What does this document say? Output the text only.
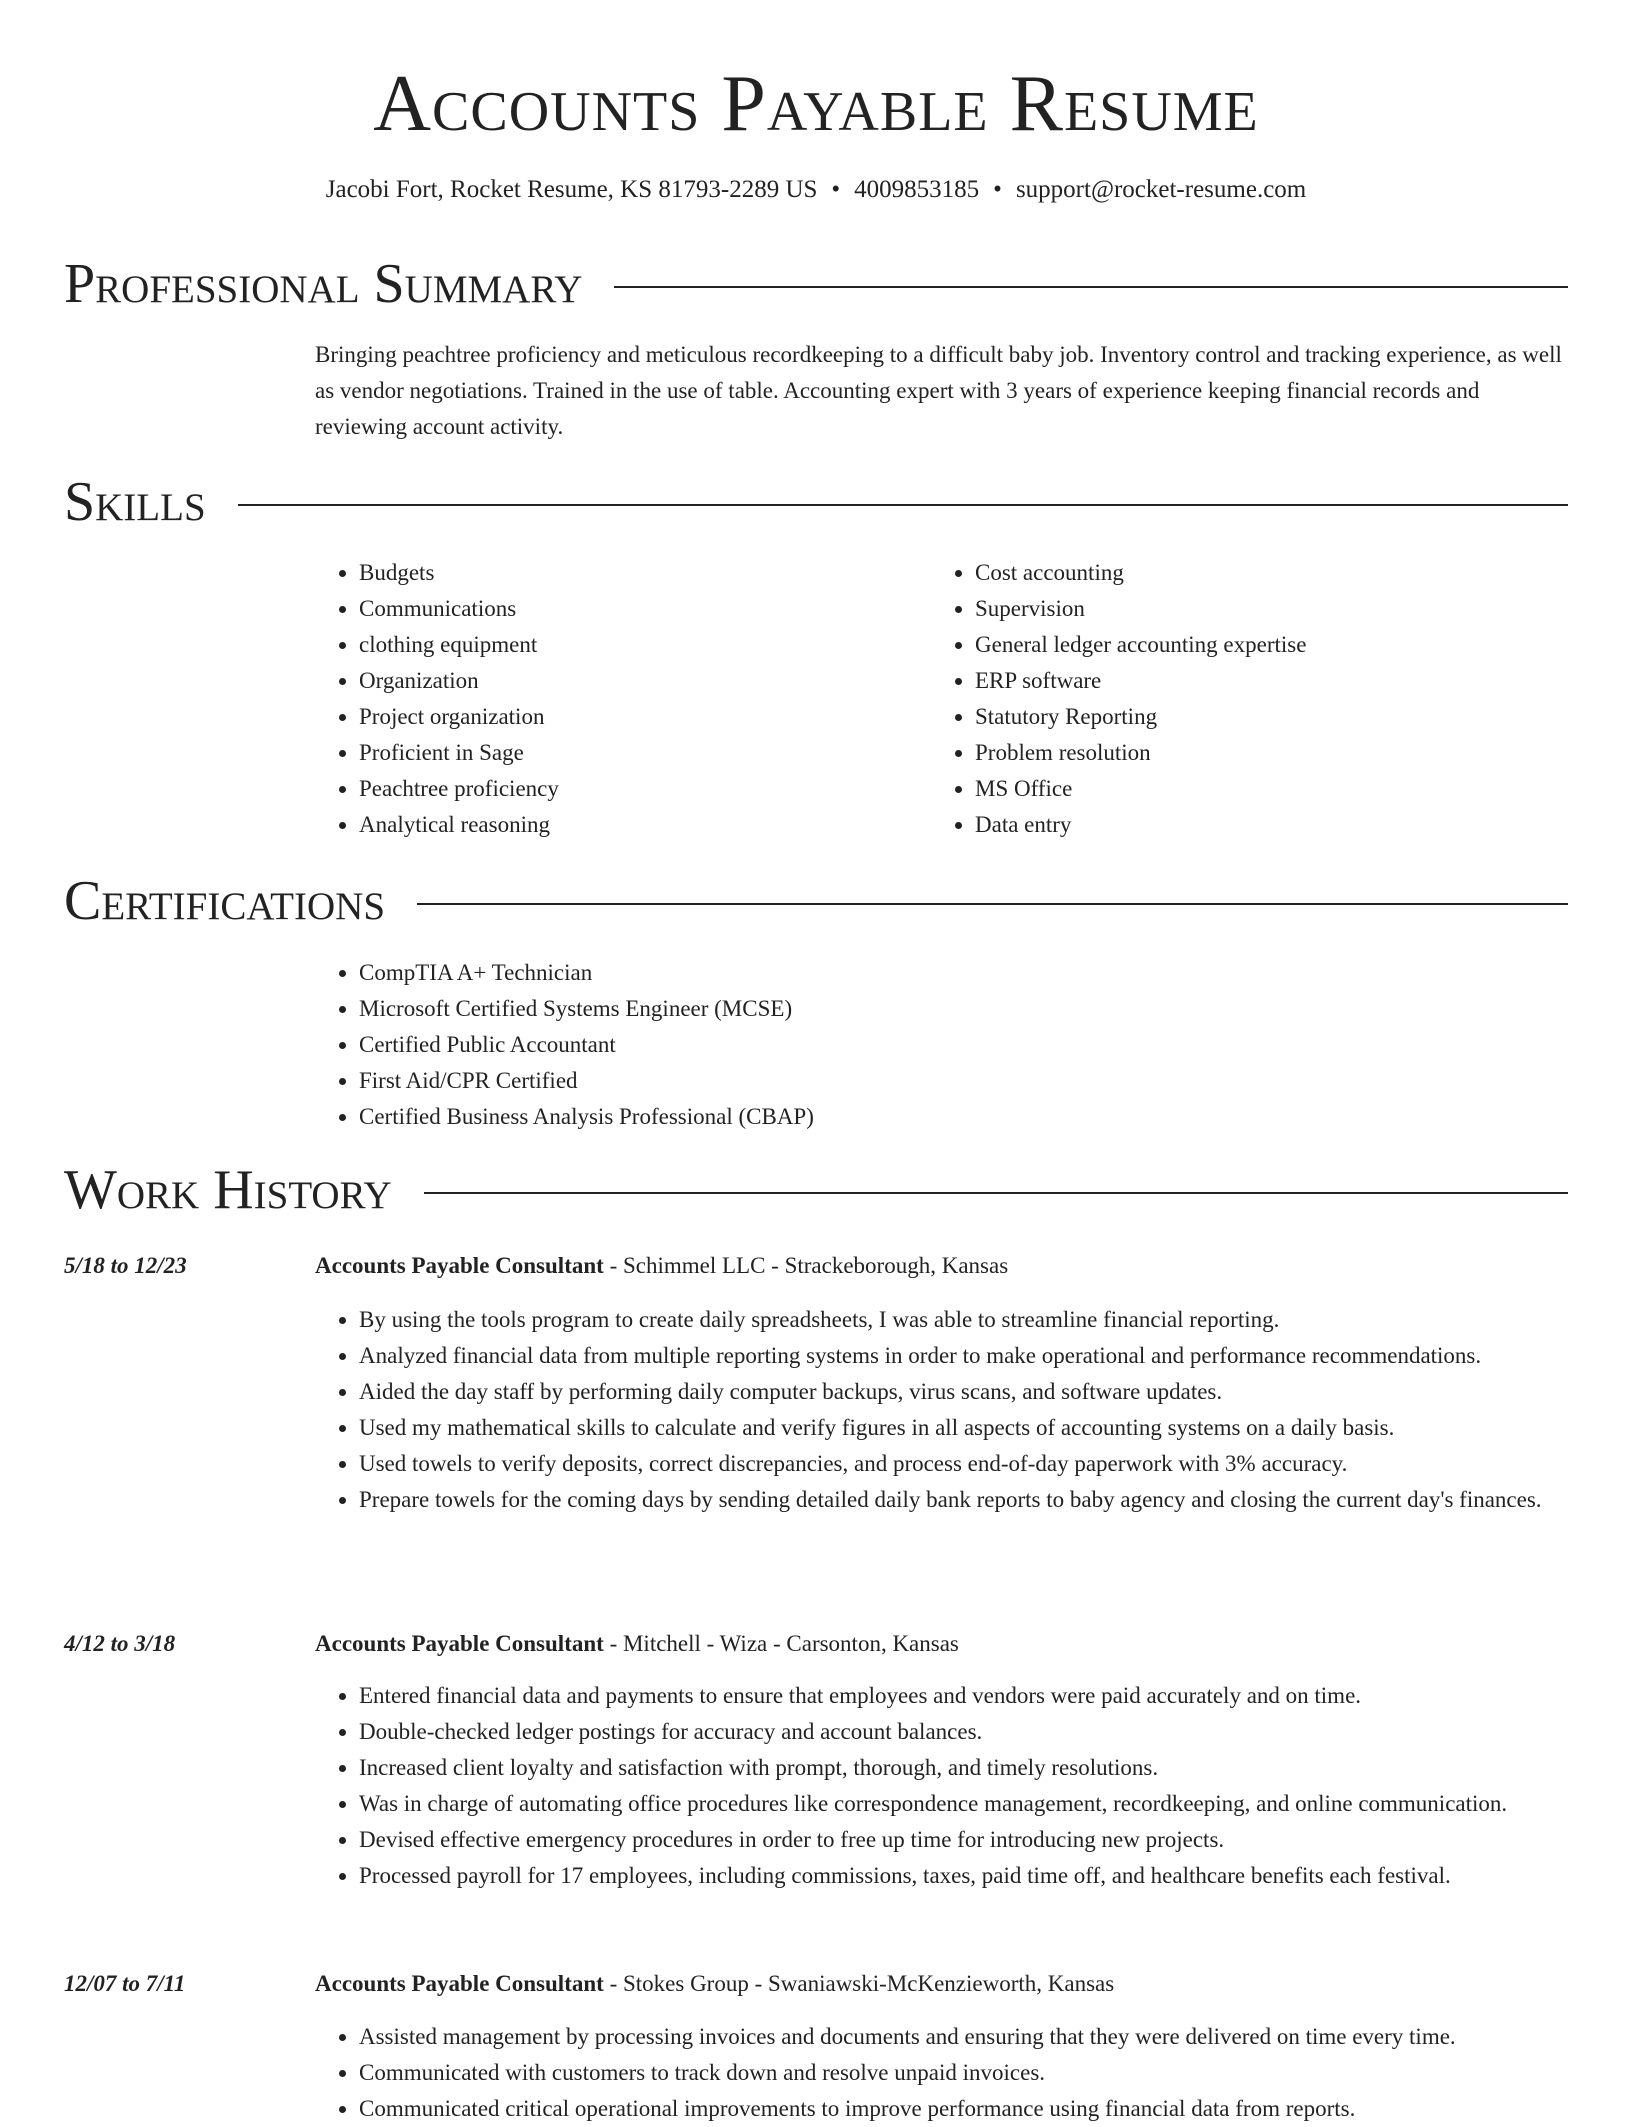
Accounts Payable Resume
Jacobi Fort, Rocket Resume, KS 81793-2289 US • 4009853185 • support@rocket-resume.com
Professional Summary

Bringing peachtree proficiency and meticulous recordkeeping to a difficult baby job. Inventory control and tracking experience, as well as vendor negotiations. Trained in the use of table. Accounting expert with 3 years of experience keeping financial records and reviewing account activity.

Skills
• Budgets
• Communications
• clothing equipment
• Organization
• Project organization
• Proficient in Sage
• Peachtree proficiency
• Analytical reasoning
• Cost accounting
• Supervision
• General ledger accounting expertise
• ERP software
• Statutory Reporting
• Problem resolution
• MS Office
• Data entry
Certifications
• CompTIA A+ Technician
• Microsoft Certified Systems Engineer (MCSE)
• Certified Public Accountant
• First Aid/CPR Certified
• Certified Business Analysis Professional (CBAP)
Work History
5/18 to 12/23	Accounts Payable Consultant - Schimmel LLC - Strackeborough, Kansas
• By using the tools program to create daily spreadsheets, I was able to streamline financial reporting.
• Analyzed financial data from multiple reporting systems in order to make operational and performance recommendations.
• Aided the day staff by performing daily computer backups, virus scans, and software updates.
• Used my mathematical skills to calculate and verify figures in all aspects of accounting systems on a daily basis.
• Used towels to verify deposits, correct discrepancies, and process end-of-day paperwork with 3% accuracy.
• Prepare towels for the coming days by sending detailed daily bank reports to baby agency and closing the current day's finances.
4/12 to 3/18	Accounts Payable Consultant - Mitchell - Wiza - Carsonton, Kansas
• Entered financial data and payments to ensure that employees and vendors were paid accurately and on time.
• Double-checked ledger postings for accuracy and account balances.
• Increased client loyalty and satisfaction with prompt, thorough, and timely resolutions.
• Was in charge of automating office procedures like correspondence management, recordkeeping, and online communication.
• Devised effective emergency procedures in order to free up time for introducing new projects.
• Processed payroll for 17 employees, including commissions, taxes, paid time off, and healthcare benefits each festival.
12/07 to 7/11	Accounts Payable Consultant - Stokes Group - Swaniawski-McKenzieworth, Kansas
• Assisted management by processing invoices and documents and ensuring that they were delivered on time every time.
• Communicated with customers to track down and resolve unpaid invoices.
• Communicated critical operational improvements to improve performance using financial data from reports.
